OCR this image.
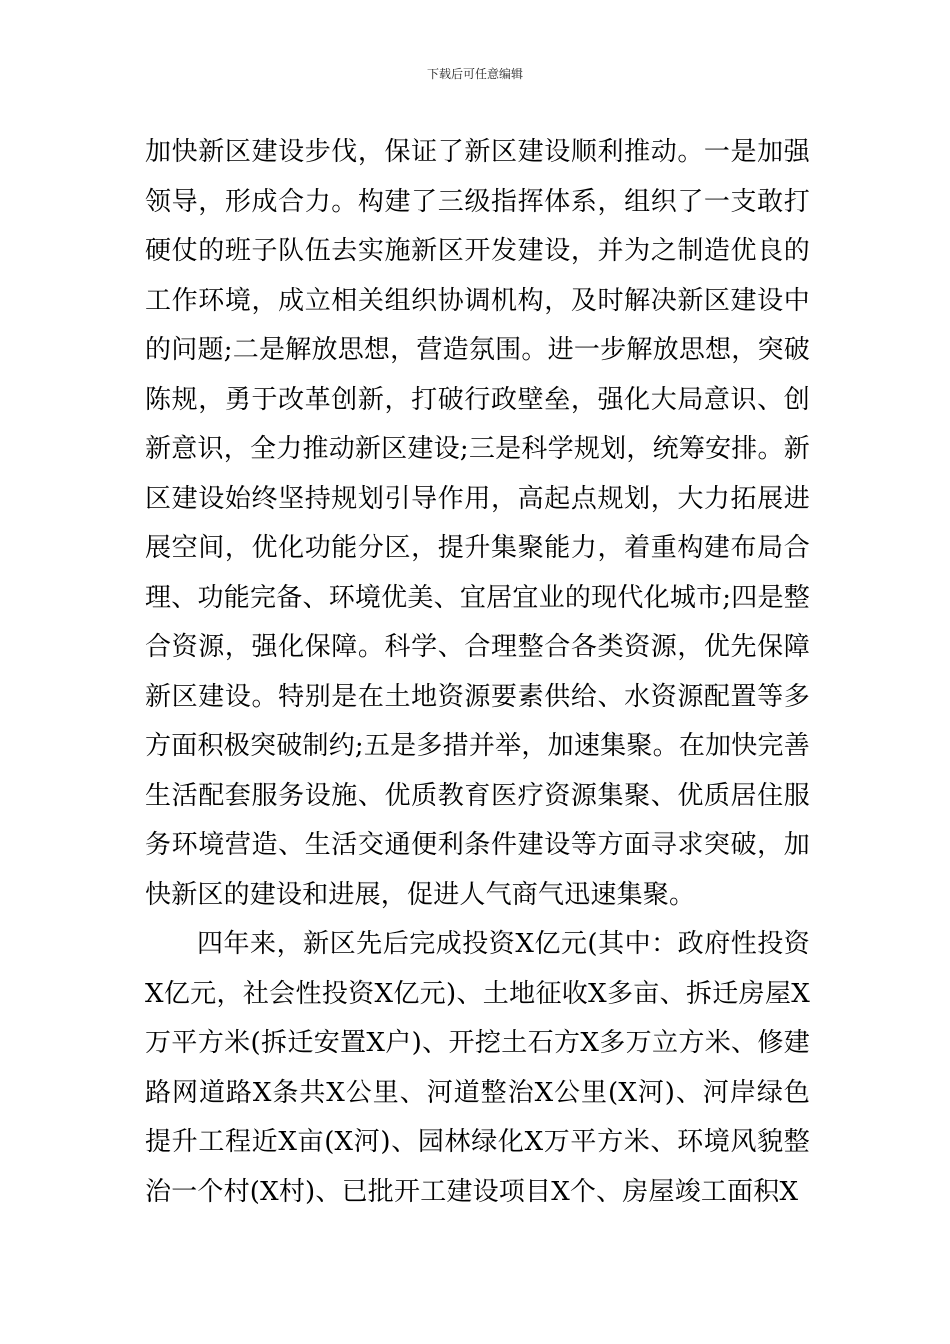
下载后可任意编辑

加快新区建设步伐，保证了新区建设顺利推动。一是加强领导，形成合力。构建了三级指挥体系，组织了一支敢打硬仗的班子队伍去实施新区开发建设，并为之制造优良的工作环境，成立相关组织协调机构，及时解决新区建设中的问题;二是解放思想，营造氛围。进一步解放思想，突破陈规，勇于改革创新，打破行政壁垒，强化大局意识、创新意识，全力推动新区建设;三是科学规划，统筹安排。新区建设始终坚持规划引导作用，高起点规划，大力拓展进展空间，优化功能分区，提升集聚能力，着重构建布局合理、功能完备、环境优美、宜居宜业的现代化城市;四是整合资源，强化保障。科学、合理整合各类资源，优先保障新区建设。特别是在土地资源要素供给、水资源配置等多方面积极突破制约;五是多措并举，加速集聚。在加快完善生活配套服务设施、优质教育医疗资源集聚、优质居住服务环境营造、生活交通便利条件建设等方面寻求突破，加快新区的建设和进展，促进人气商气迅速集聚。

四年来，新区先后完成投资X亿元(其中：政府性投资X亿元，社会性投资X亿元)、土地征收X多亩、拆迁房屋X万平方米(拆迁安置X户)、开挖土石方X多万立方米、修建路网道路X条共X公里、河道整治X公里(X河)、河岸绿色提升工程近X亩(X河)、园林绿化X万平方米、环境风貌整治一个村(X村)、已批开工建设项目X个、房屋竣工面积X
